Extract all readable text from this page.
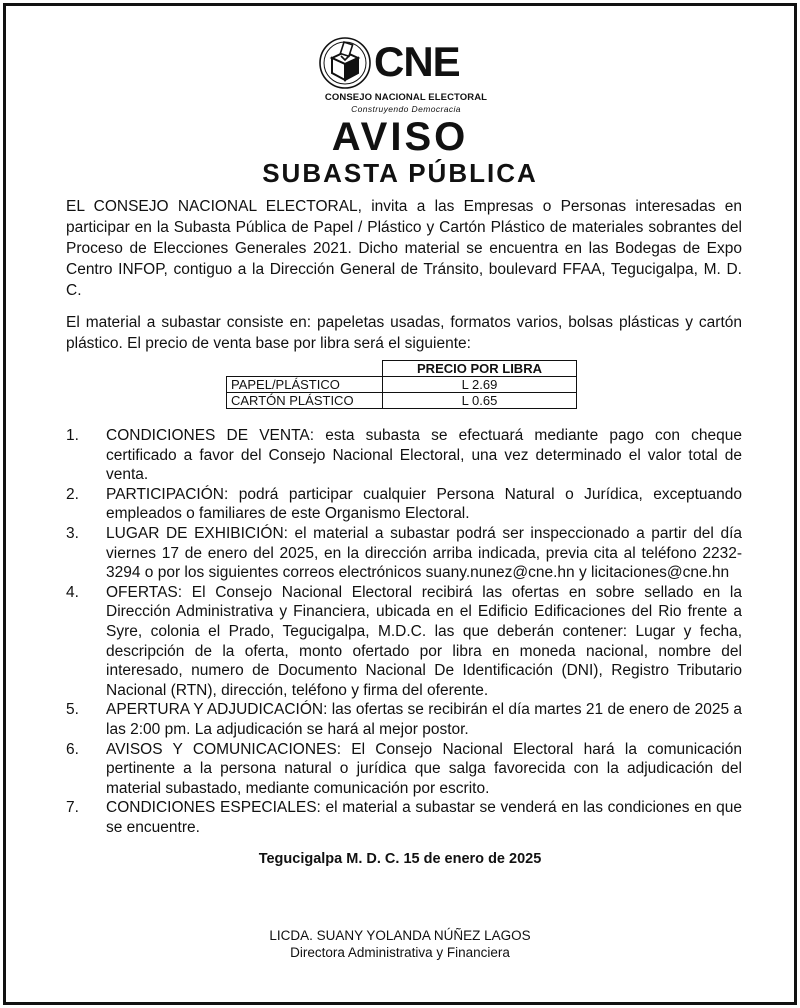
CNE
CONSEJO NACIONAL ELECTORAL
Construyendo Democracia
AVISO
SUBASTA PÚBLICA

EL CONSEJO NACIONAL ELECTORAL, invita a las Empresas o Personas interesadas en participar en la Subasta Pública de Papel / Plástico y Cartón Plástico de materiales sobrantes del Proceso de Elecciones Generales 2021. Dicho material se encuentra en las Bodegas de Expo Centro INFOP, contiguo a la Dirección General de Tránsito, boulevard FFAA, Tegucigalpa, M. D. C.

El material a subastar consiste en: papeletas usadas, formatos varios, bolsas plásticas y cartón plástico. El precio de venta base por libra será el siguiente:

	PRECIO POR LIBRA
PAPEL/PLÁSTICO	L 2.69
CARTÓN PLÁSTICO	L 0.65
1. CONDICIONES DE VENTA: esta subasta se efectuará mediante pago con cheque certificado a favor del Consejo Nacional Electoral, una vez determinado el valor total de venta.
2. PARTICIPACIÓN: podrá participar cualquier Persona Natural o Jurídica, exceptuando empleados o familiares de este Organismo Electoral.
3. LUGAR DE EXHIBICIÓN: el material a subastar podrá ser inspeccionado a partir del día viernes 17 de enero del 2025, en la dirección arriba indicada, previa cita al teléfono 2232-3294 o por los siguientes correos electrónicos suany.nunez@cne.hn y licitaciones@cne.hn
4. OFERTAS: El Consejo Nacional Electoral recibirá las ofertas en sobre sellado en la Dirección Administrativa y Financiera, ubicada en el Edificio Edificaciones del Rio frente a Syre, colonia el Prado, Tegucigalpa, M.D.C. las que deberán contener: Lugar y fecha, descripción de la oferta, monto ofertado por libra en moneda nacional, nombre del interesado, numero de Documento Nacional De Identificación (DNI), Registro Tributario Nacional (RTN), dirección, teléfono y firma del oferente.
5. APERTURA Y ADJUDICACIÓN: las ofertas se recibirán el día martes 21 de enero de 2025 a las 2:00 pm. La adjudicación se hará al mejor postor.
6. AVISOS Y COMUNICACIONES: El Consejo Nacional Electoral hará la comunicación pertinente a la persona natural o jurídica que salga favorecida con la adjudicación del material subastado, mediante comunicación por escrito.
7. CONDICIONES ESPECIALES: el material a subastar se venderá en las condiciones en que se encuentre.
Tegucigalpa M. D. C. 15 de enero de 2025
LICDA. SUANY YOLANDA NÚÑEZ LAGOS
Directora Administrativa y Financiera
